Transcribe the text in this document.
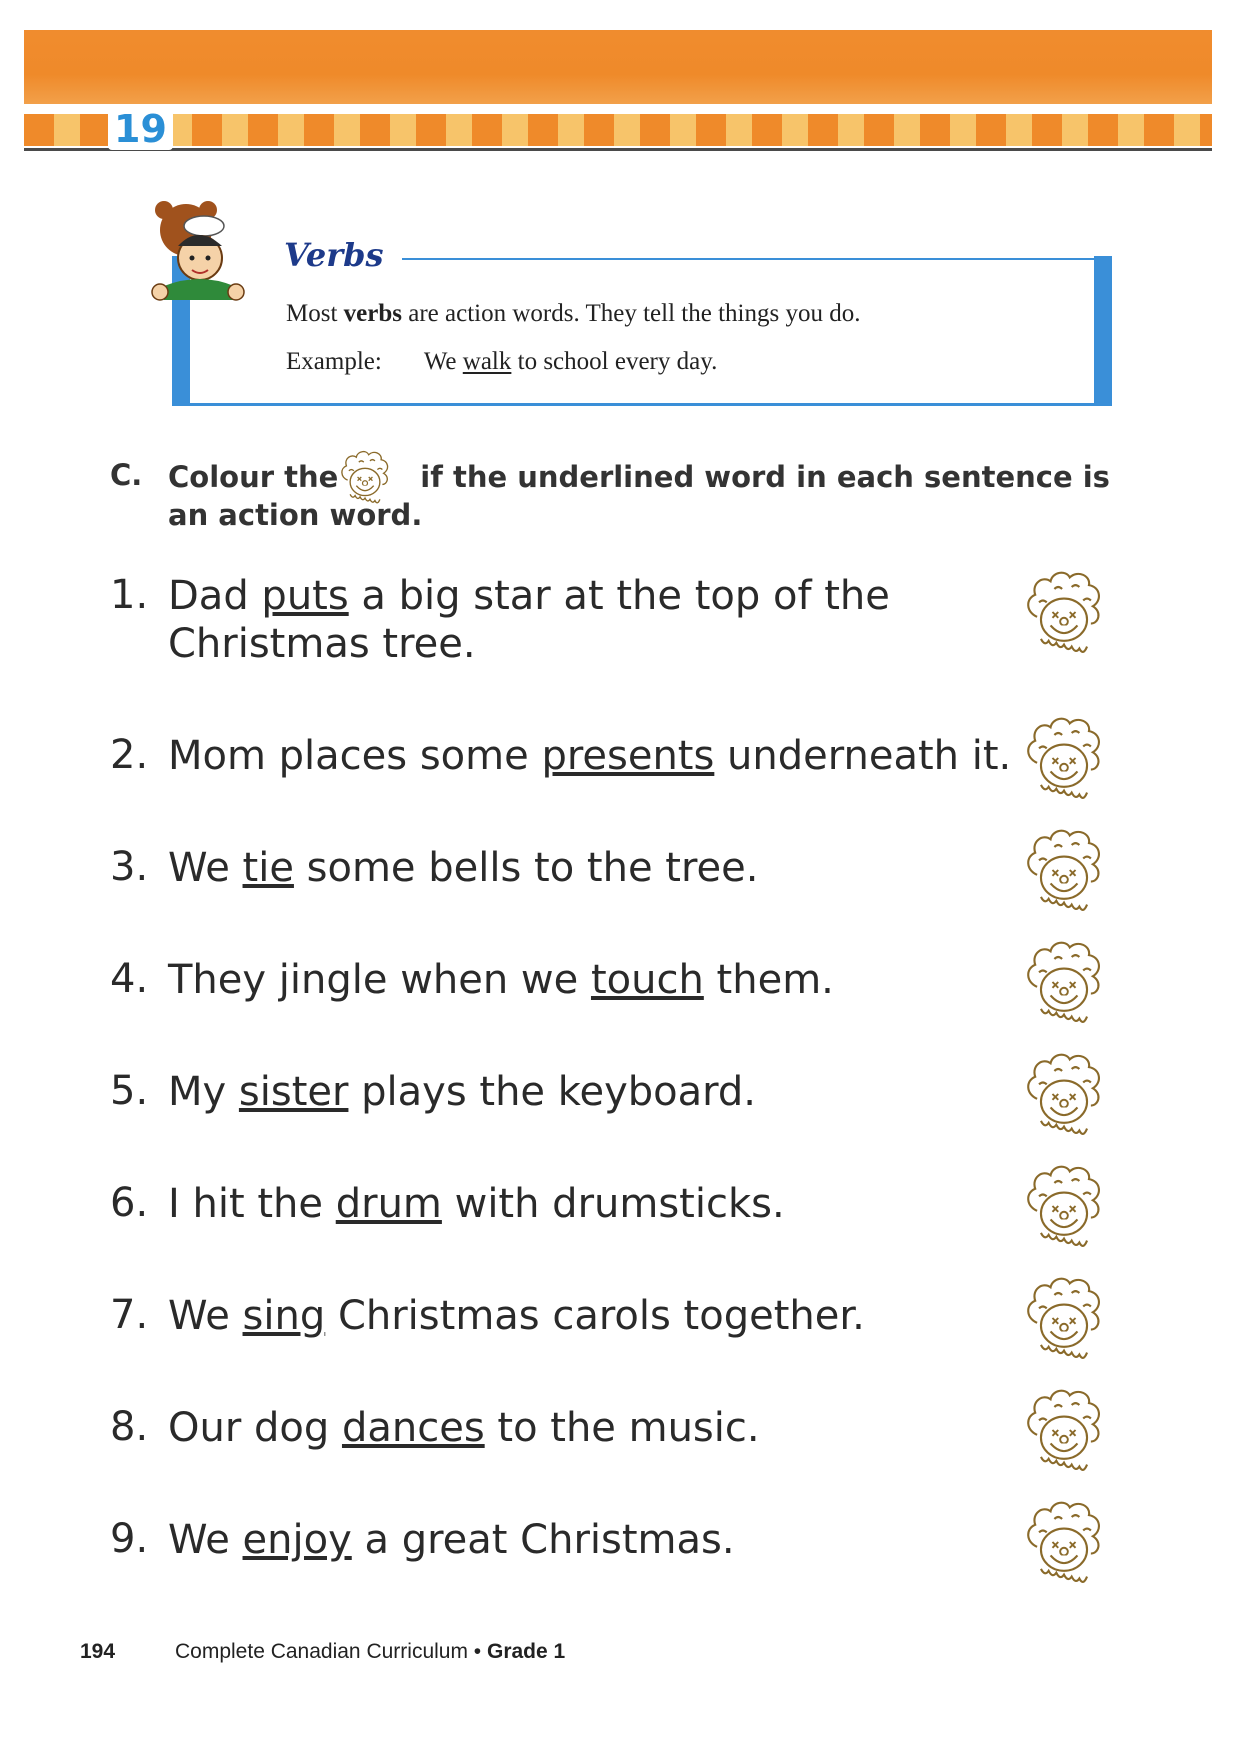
19
Verbs
Most verbs are action words. They tell the things you do.
Example: We walk to school every day.
C. Colour the	if the underlined word in each sentence is an action word.
1. Dad puts a big star at the top of the Christmas tree.
2. Mom places some presents underneath it.
3. We tie some bells to the tree.
4. They jingle when we touch them.
5. My sister plays the keyboard.
6. I hit the drum with drumsticks.
7. We sing Christmas carols together.
8. Our dog dances to the music.
9. We enjoy a great Christmas.
194	Complete Canadian Curriculum • Grade 1
